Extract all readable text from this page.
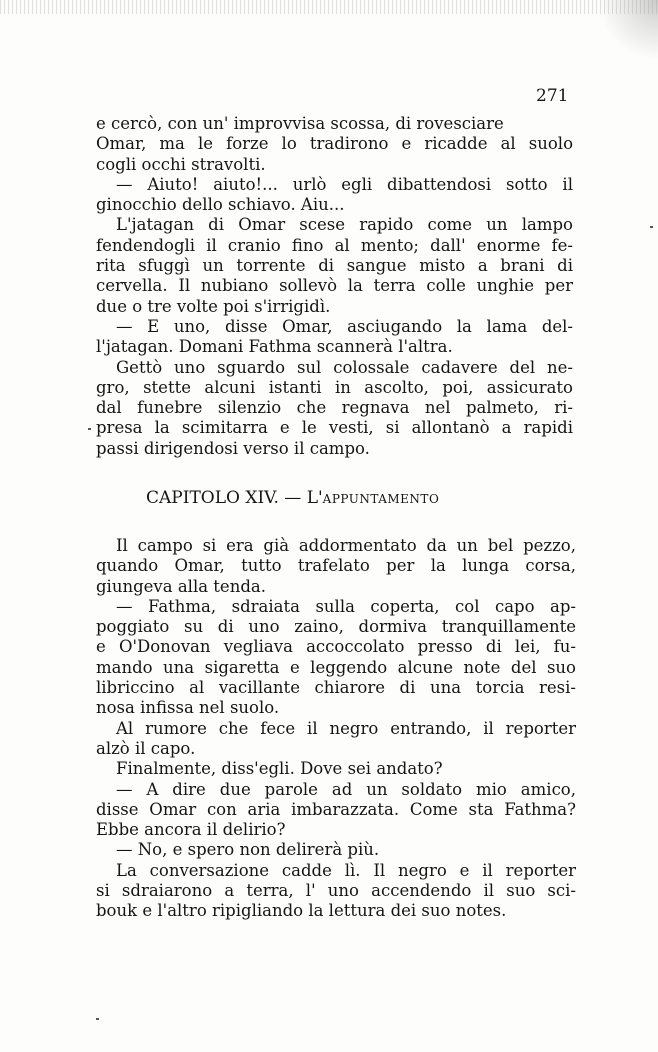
271
e cercò, con un' improvvisa scossa, di rovesciare
Omar, ma le forze lo tradirono e ricadde al suolo
cogli occhi stravolti.
— Aiuto! aiuto!... urlò egli dibattendosi sotto il
ginocchio dello schiavo. Aiu...
L'jatagan di Omar scese rapido come un lampo
fendendogli il cranio fino al mento; dall' enorme fe-
rita sfuggì un torrente di sangue misto a brani di
cervella. Il nubiano sollevò la terra colle unghie per
due o tre volte poi s'irrigidì.
— E uno, disse Omar, asciugando la lama del-
l'jatagan. Domani Fathma scannerà l'altra.
Gettò uno sguardo sul colossale cadavere del ne-
gro, stette alcuni istanti in ascolto, poi, assicurato
dal funebre silenzio che regnava nel palmeto, ri-
presa la scimitarra e le vesti, si allontanò a rapidi
passi dirigendosi verso il campo.
CAPITOLO XIV. — L'APPUNTAMENTO
Il campo si era già addormentato da un bel pezzo,
quando Omar, tutto trafelato per la lunga corsa,
giungeva alla tenda.
— Fathma, sdraiata sulla coperta, col capo ap-
poggiato su di uno zaino, dormiva tranquillamente
e O'Donovan vegliava accoccolato presso di lei, fu-
mando una sigaretta e leggendo alcune note del suo
libriccino al vacillante chiarore di una torcia resi-
nosa infissa nel suolo.
Al rumore che fece il negro entrando, il reporter
alzò il capo.
Finalmente, diss'egli. Dove sei andato?
— A dire due parole ad un soldato mio amico,
disse Omar con aria imbarazzata. Come sta Fathma?
Ebbe ancora il delirio?
— No, e spero non delirerà più.
La conversazione cadde lì. Il negro e il reporter
si sdraiarono a terra, l' uno accendendo il suo sci-
bouk e l'altro ripigliando la lettura dei suo notes.
